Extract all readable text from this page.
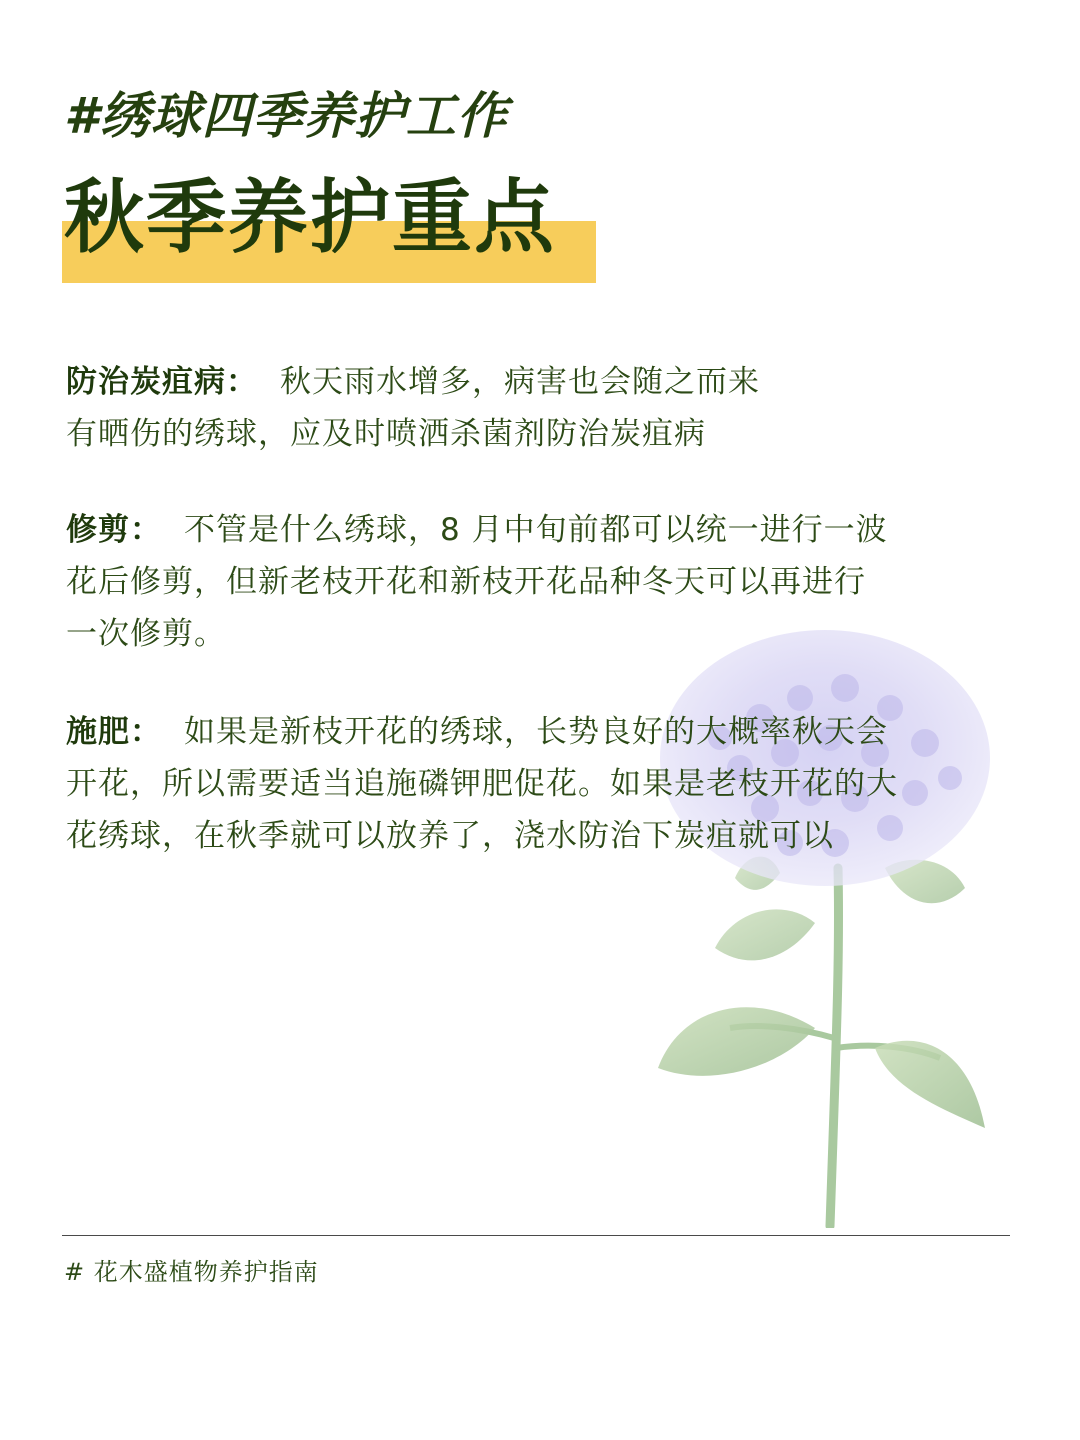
#绣球四季养护工作
秋季养护重点
防治炭疽病： 秋天雨水增多，病害也会随之而来
有晒伤的绣球，应及时喷洒杀菌剂防治炭疽病
修剪： 不管是什么绣球，8 月中旬前都可以统一进行一波
花后修剪，但新老枝开花和新枝开花品种冬天可以再进行
一次修剪。
施肥： 如果是新枝开花的绣球，长势良好的大概率秋天会
开花，所以需要适当追施磷钾肥促花。如果是老枝开花的大
花绣球，在秋季就可以放养了，浇水防治下炭疽就可以
# 花木盛植物养护指南
